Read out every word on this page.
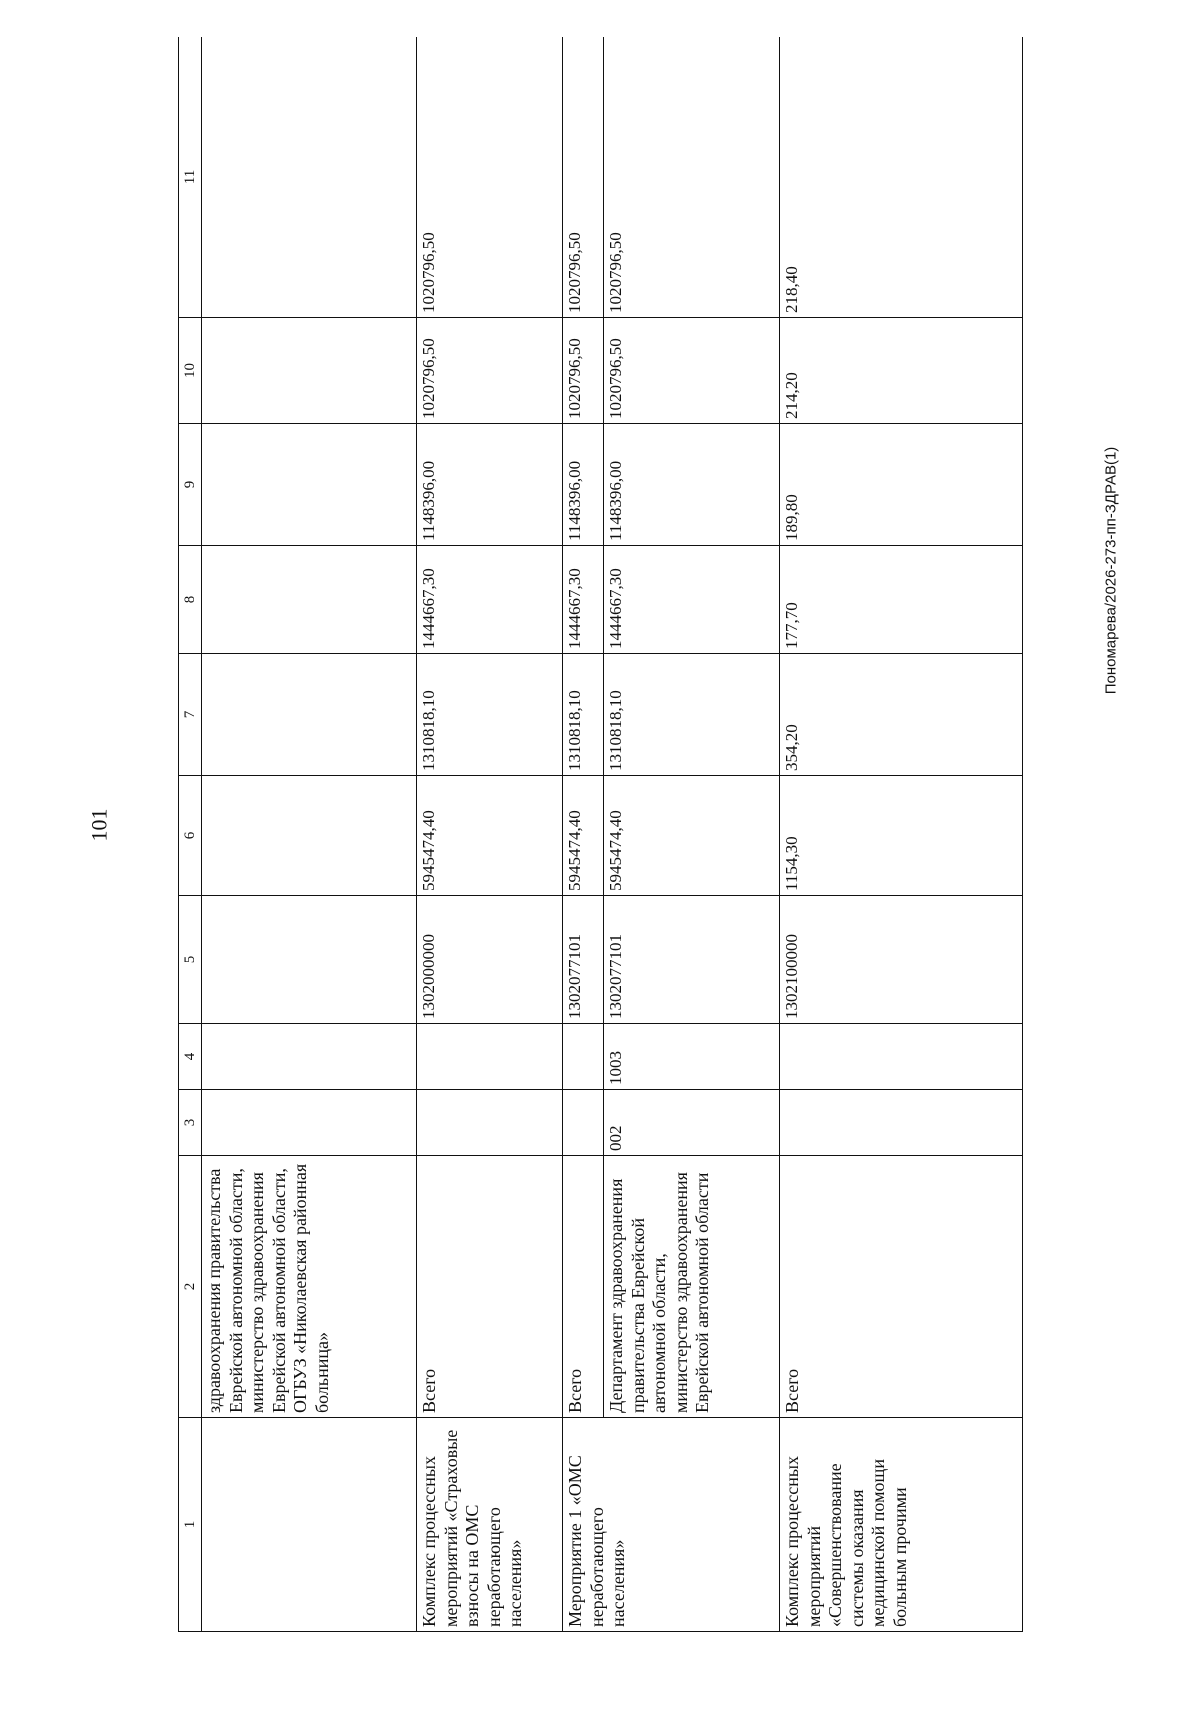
101
1	2	3	4	5	6	7	8	9	10	11
	здравоохранения правительства Еврейской автономной области, министерство здравоохранения Еврейской автономной области, ОГБУЗ «Николаевская районная больница»									
Комплекс процессных мероприятий «Страховые взносы на ОМС неработающего населения»	Всего			1302000000	5945474,40	1310818,10	1444667,30	1148396,00	1020796,50	1020796,50
Мероприятие 1 «ОМС неработающего населения»	Всего			1302077101	5945474,40	1310818,10	1444667,30	1148396,00	1020796,50	1020796,50
	Департамент здравоохранения правительства Еврейской автономной области, министерство здравоохранения Еврейской автономной области	002	1003	1302077101	5945474,40	1310818,10	1444667,30	1148396,00	1020796,50	1020796,50
Комплекс процессных мероприятий «Совершенствование системы оказания медицинской помощи больным прочими	Всего			1302100000	1154,30	354,20	177,70	189,80	214,20	218,40
Пономарева/2026-273-пп-ЗДРАВ(1)
